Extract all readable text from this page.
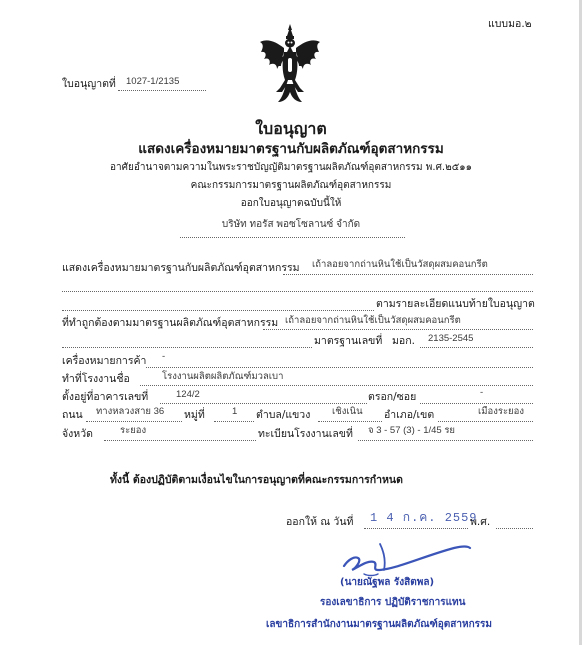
แบบมอ.๒
ใบอนุญาตที่ 1027-1/2135
ใบอนุญาต
แสดงเครื่องหมายมาตรฐานกับผลิตภัณฑ์อุตสาหกรรม
อาศัยอำนาจตามความในพระราชบัญญัติมาตรฐานผลิตภัณฑ์อุตสาหกรรม พ.ศ.๒๕๑๑
คณะกรรมการมาตรฐานผลิตภัณฑ์อุตสาหกรรม
ออกใบอนุญาตฉบับนี้ให้
บริษัท ทอรัส พอซโซลานซ์ จำกัด
แสดงเครื่องหมายมาตรฐานกับผลิตภัณฑ์อุตสาหกรรม เถ้าลอยจากถ่านหินใช้เป็นวัสดุผสมคอนกรีต
ตามรายละเอียดแนบท้ายใบอนุญาต
ที่ทำถูกต้องตามมาตรฐานผลิตภัณฑ์อุตสาหกรรม เถ้าลอยจากถ่านหินใช้เป็นวัสดุผสมคอนกรีต
มาตรฐานเลขที่ มอก. 2135-2545
เครื่องหมายการค้า -
ทำที่โรงงานชื่อ	โรงงานผลิตผลิตภัณฑ์มวลเบา
ตั้งอยู่ที่อาคารเลขที่	124/2	ตรอก/ซอย	-
ถนน ทางหลวงสาย 36 หมู่ที่	1 ตำบล/แขวง เชิงเนิน อำเภอ/เขต	เมืองระยอง
จังหวัด	ระยอง	ทะเบียนโรงงานเลขที่ จ 3 - 57 (3) - 1/45 รย
ทั้งนี้ ต้องปฏิบัติตามเงื่อนไขในการอนุญาตที่คณะกรรมการกำหนด
ออกให้ ณ วันที่ 1 4 ก.ค. 2559
พ.ศ.
(นายณัฐพล รังสิตพล)
รองเลขาธิการ ปฏิบัติราชการแทน
เลขาธิการสำนักงานมาตรฐานผลิตภัณฑ์อุตสาหกรรม
